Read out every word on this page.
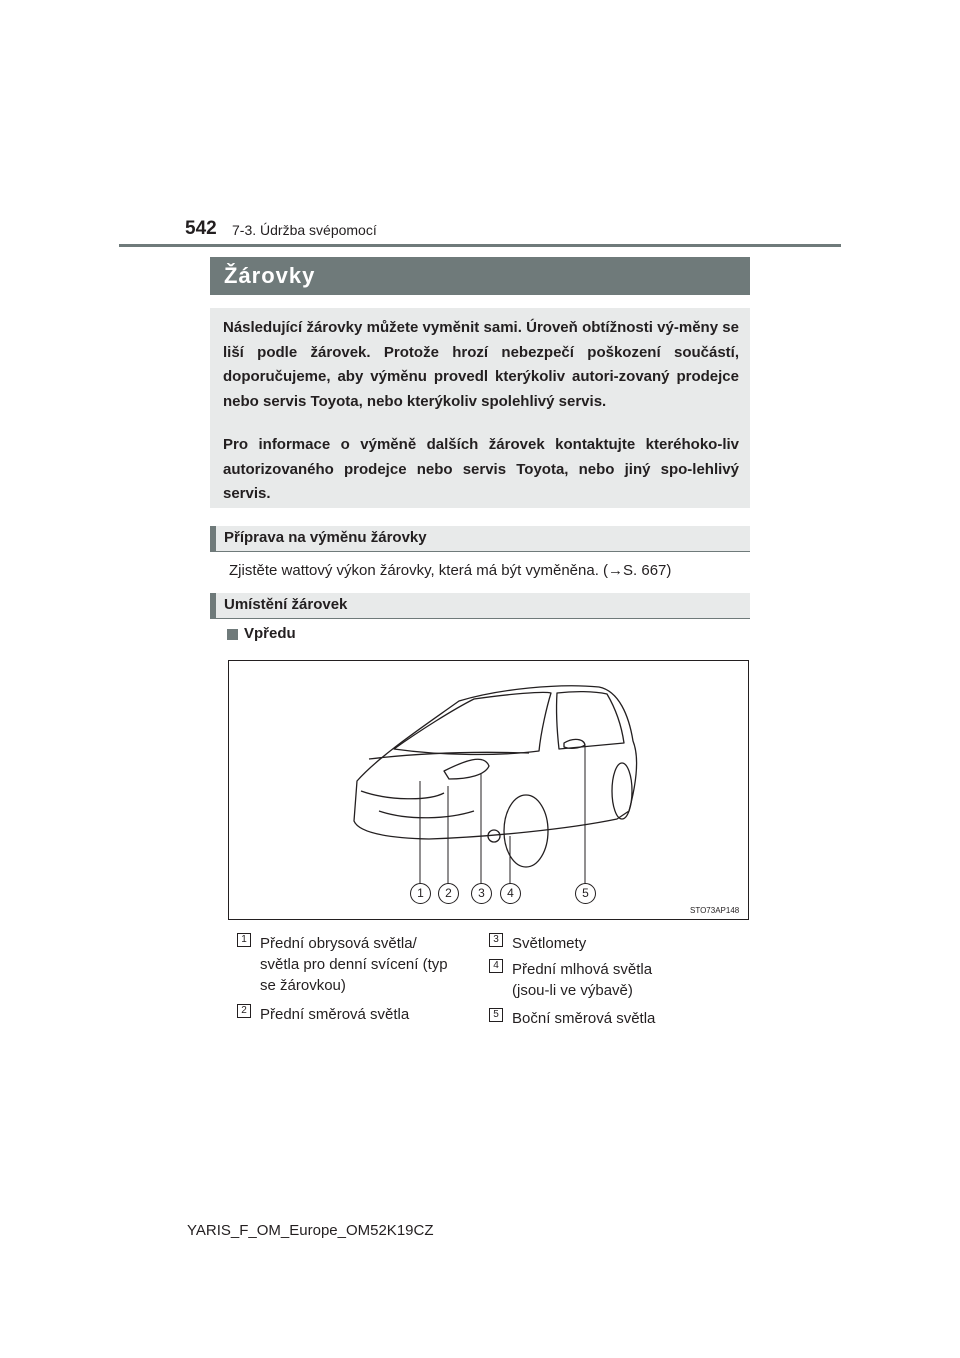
542 7-3. Údržba svépomocí
Žárovky
Následující žárovky můžete vyměnit sami. Úroveň obtížnosti vý-měny se liší podle žárovek. Protože hrozí nebezpečí poškození součástí, doporučujeme, aby výměnu provedl kterýkoliv autori-zovaný prodejce nebo servis Toyota, nebo kterýkoliv spolehlivý servis.
Pro informace o výměně dalších žárovek kontaktujte kteréhoko-liv autorizovaného prodejce nebo servis Toyota, nebo jiný spo-lehlivý servis.
Příprava na výměnu žárovky
Zjistěte wattový výkon žárovky, která má být vyměněna. (→S. 667)
Umístění žárovek
Vpředu
1	2	3	4	5
STO73AP148
1 Přední obrysová světla/ světla pro denní svícení (typ se žárovkou)
2 Přední směrová světla
3 Světlomety
4 Přední mlhová světla (jsou-li ve výbavě)
5 Boční směrová světla
YARIS_F_OM_Europe_OM52K19CZ
